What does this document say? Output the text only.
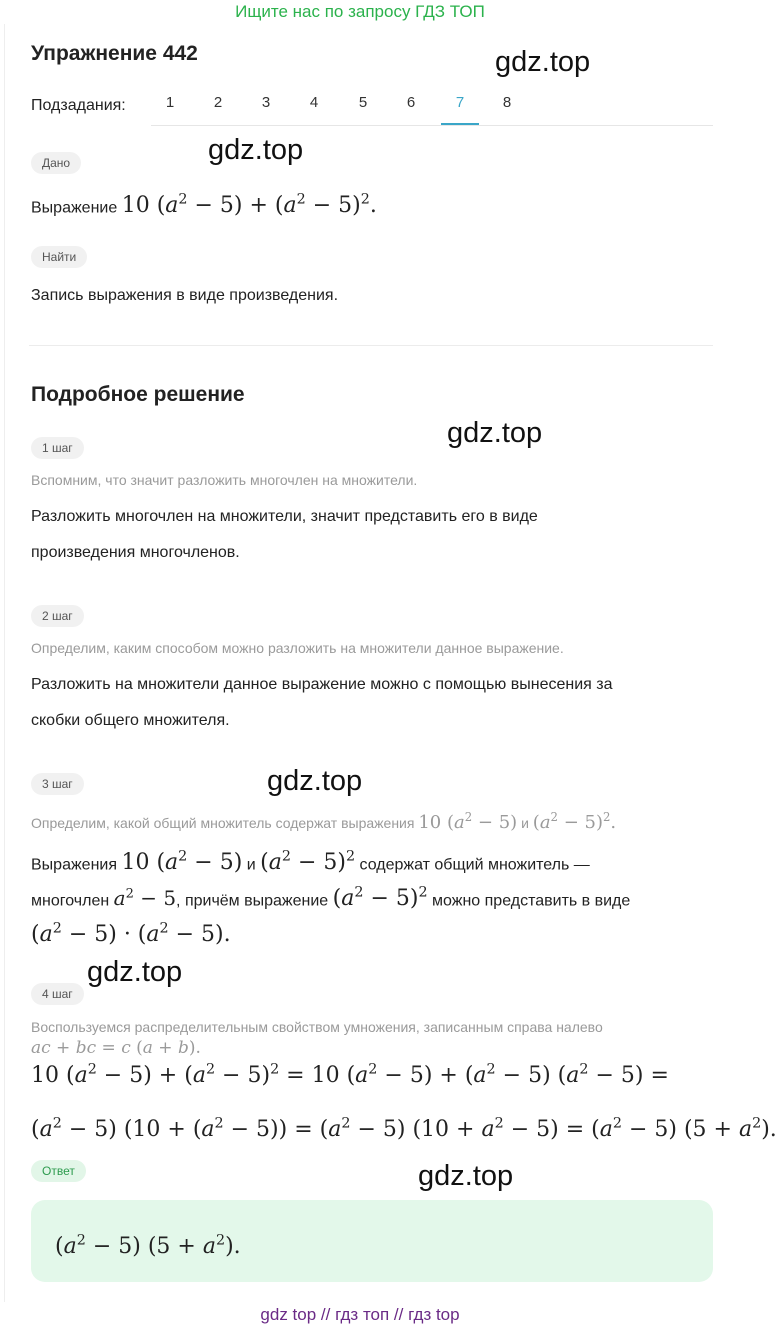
Ищите нас по запросу ГДЗ ТОП
Упражнение 442	gdz.top
Подзадания:	1	2	3	4	5	6	7	8
Дано	gdz.top
Выражение 10 $(a^2 - 5) + (a^2 - 5)^2$.
Найти
Запись выражения в виде произведения.
Подробное решение
gdz.top
1 шаг
Вспомним, что значит разложить многочлен на множители.
Разложить многочлен на множители, значит представить его в виде
произведения многочленов.
2 шаг
Определим, каким способом можно разложить на множители данное выражение.
Разложить на множители данное выражение можно с помощью вынесения за
скобки общего множителя.
gdz.top
3 шаг
Определим, какой общий множитель содержат выражения 10 $(a^2 - 5)$ и $(a^2 - 5)^2$.
Выражения 10 $(a^2 - 5)$ и $(a^2 - 5)^2$ содержат общий множитель —
многочлен $a^2 - 5$, причём выражение $(a^2 - 5)^2$ можно представить в виде
$(a^2 - 5) \cdot (a^2 - 5)$.
gdz.top
4 шаг
Воспользуемся распределительным свойством умножения, записанным справа налево
ac + bc = c (a + b).
10 $(a^2 - 5) + (a^2 - 5)^2 = 10$ $(a^2 - 5) + (a^2 - 5) (a^2 - 5)$ =
$(a^2 - 5) (10 + (a^2 - 5)) = (a^2 - 5) (10 + a^2 - 5) = (a^2 - 5) (5 + a^2)$.
Ответ	gdz.top
$(a^2 - 5) (5 + a^2)$.
gdz top // гдз топ // гдз top
